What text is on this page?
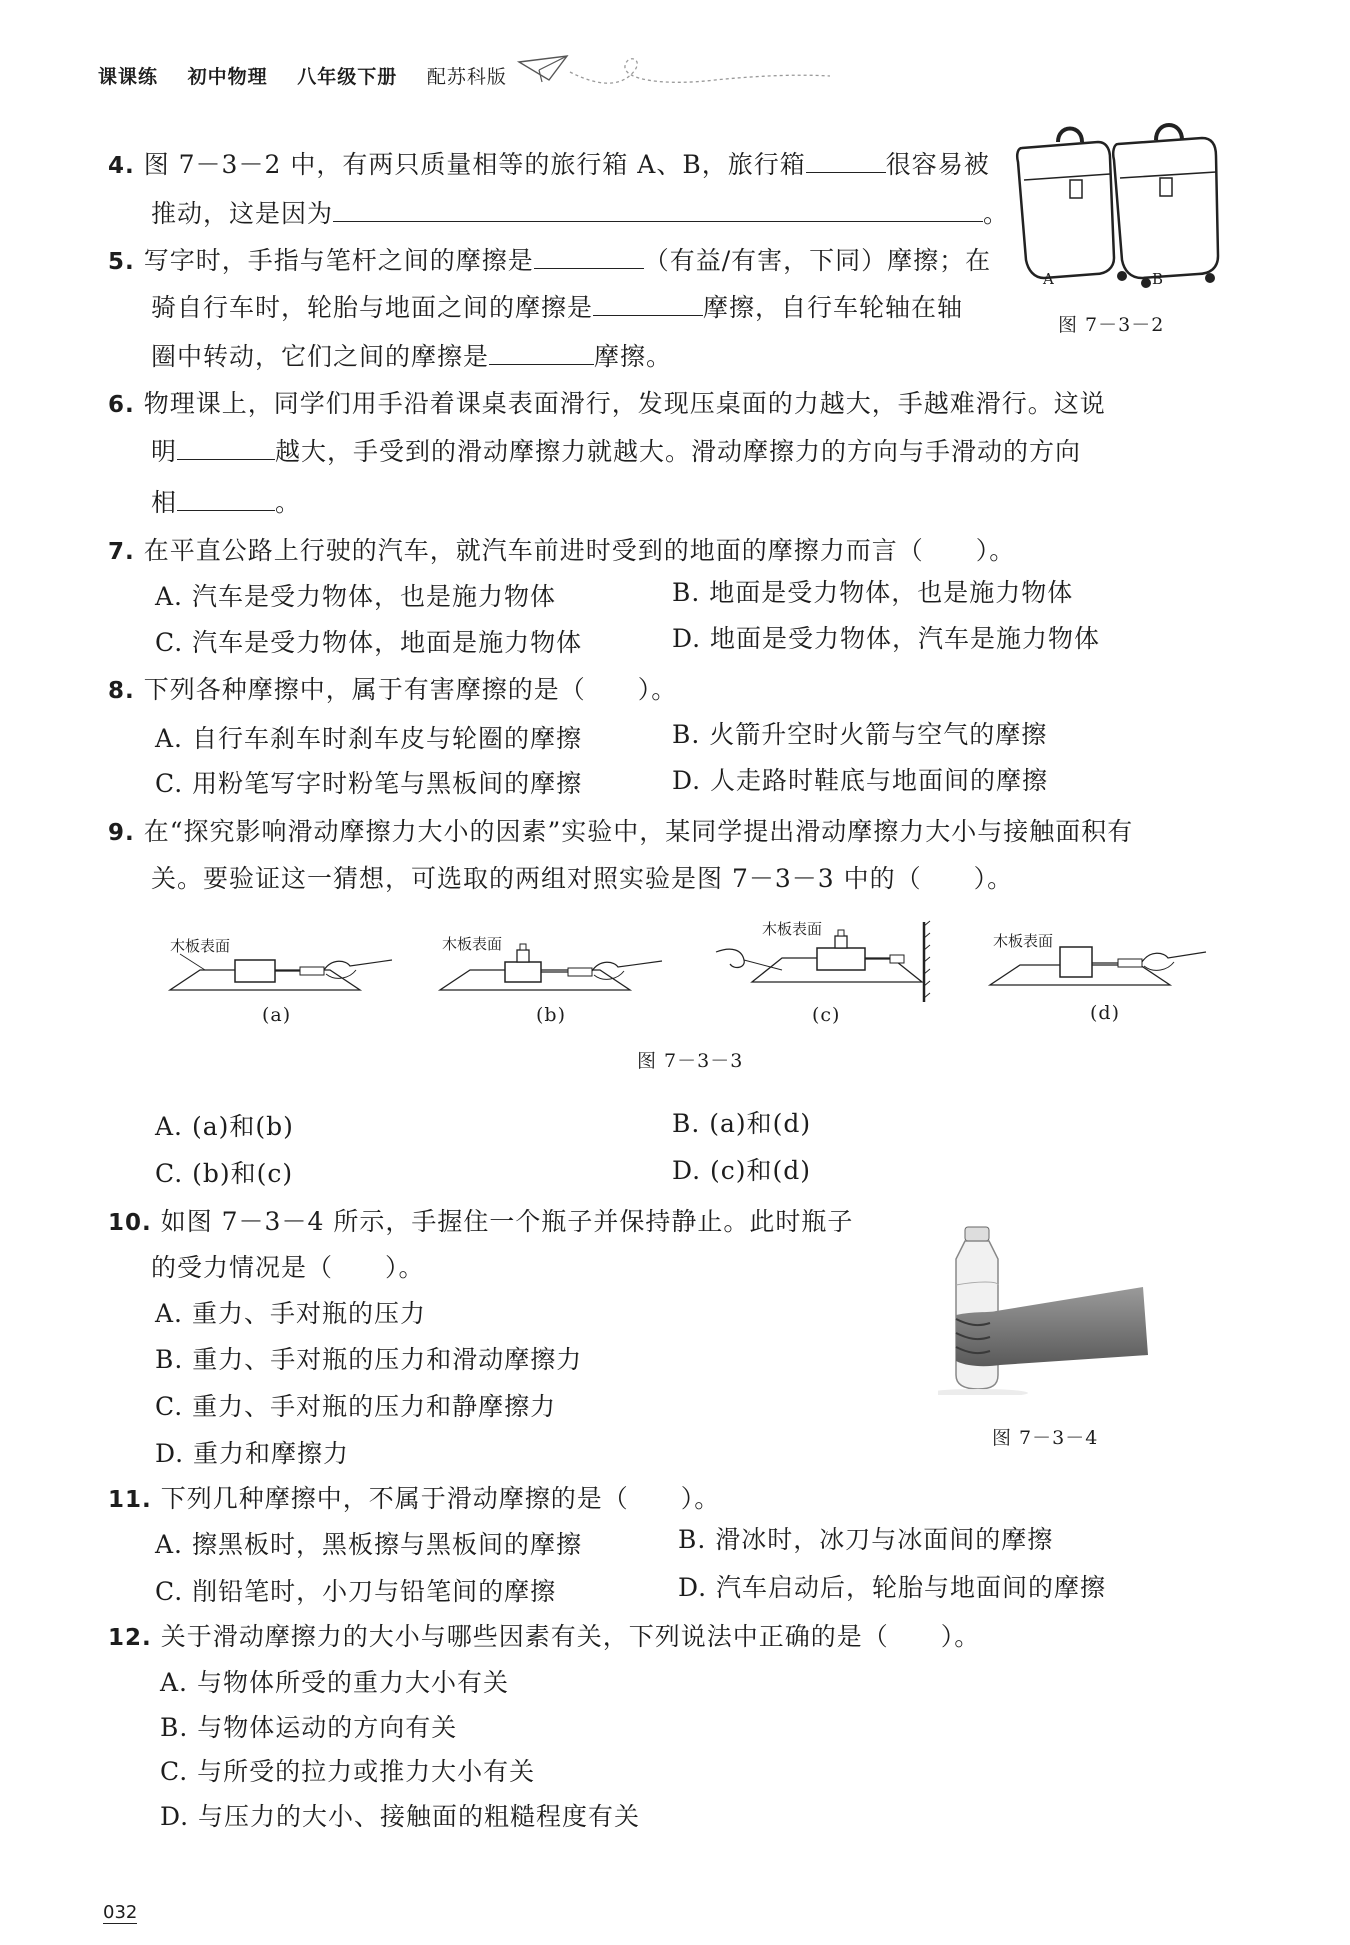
课课练 初中物理 八年级下册 配苏科版
4. 图 7－3－2 中，有两只质量相等的旅行箱 A、B，旅行箱	很容易被
推动，这是因为	。
A	B
图 7－3－2
5. 写字时，手指与笔杆之间的摩擦是	（有益/有害，下同）摩擦；在
骑自行车时，轮胎与地面之间的摩擦是	摩擦，自行车轮轴在轴
圈中转动，它们之间的摩擦是	摩擦。
6. 物理课上，同学们用手沿着课桌表面滑行，发现压桌面的力越大，手越难滑行。这说
明	越大，手受到的滑动摩擦力就越大。滑动摩擦力的方向与手滑动的方向
相	。
7. 在平直公路上行驶的汽车，就汽车前进时受到的地面的摩擦力而言（　　）。
A. 汽车是受力物体，也是施力物体	B. 地面是受力物体，也是施力物体
C. 汽车是受力物体，地面是施力物体	D. 地面是受力物体，汽车是施力物体
8. 下列各种摩擦中，属于有害摩擦的是（　　）。
A. 自行车刹车时刹车皮与轮圈的摩擦	B. 火箭升空时火箭与空气的摩擦
C. 用粉笔写字时粉笔与黑板间的摩擦	D. 人走路时鞋底与地面间的摩擦
9. 在“探究影响滑动摩擦力大小的因素”实验中，某同学提出滑动摩擦力大小与接触面积有
关。要验证这一猜想，可选取的两组对照实验是图 7－3－3 中的（　　）。
木板表面	木板表面
木板表面
木板表面
(a)	(b)	(c)	(d)
图 7－3－3
A. (a)和(b)	B. (a)和(d)
C. (b)和(c)	D. (c)和(d)
10. 如图 7－3－4 所示，手握住一个瓶子并保持静止。此时瓶子
的受力情况是（　　）。
A. 重力、手对瓶的压力
B. 重力、手对瓶的压力和滑动摩擦力
C. 重力、手对瓶的压力和静摩擦力
D. 重力和摩擦力
图 7－3－4
11. 下列几种摩擦中，不属于滑动摩擦的是（　　）。
A. 擦黑板时，黑板擦与黑板间的摩擦	B. 滑冰时，冰刀与冰面间的摩擦
C. 削铅笔时，小刀与铅笔间的摩擦	D. 汽车启动后，轮胎与地面间的摩擦
12. 关于滑动摩擦力的大小与哪些因素有关，下列说法中正确的是（　　）。
A. 与物体所受的重力大小有关
B. 与物体运动的方向有关
C. 与所受的拉力或推力大小有关
D. 与压力的大小、接触面的粗糙程度有关
032
